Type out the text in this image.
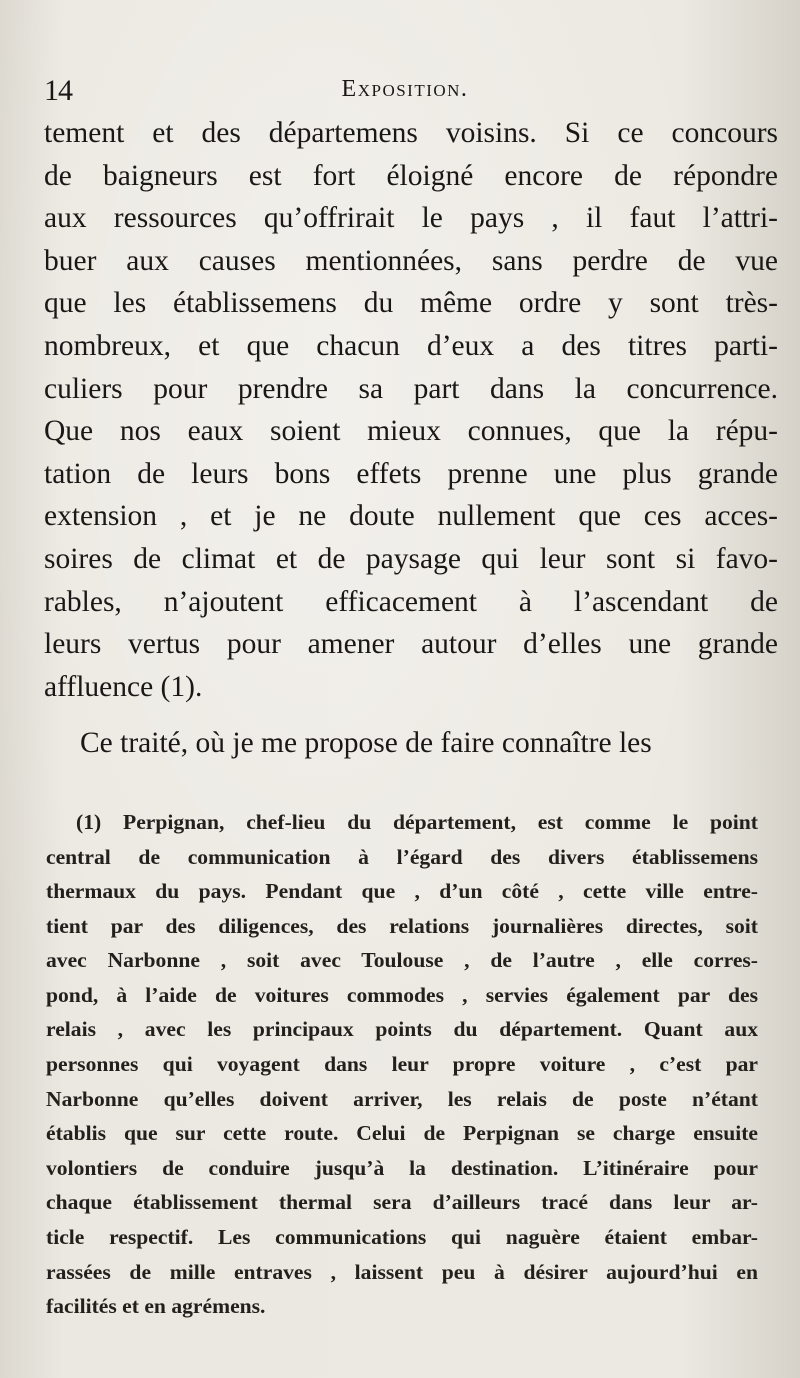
14	Exposition.
tement et des départemens voisins. Si ce concours
de baigneurs est fort éloigné encore de répondre
aux ressources qu’offrirait le pays , il faut l’attri-
buer aux causes mentionnées, sans perdre de vue
que les établissemens du même ordre y sont très-
nombreux, et que chacun d’eux a des titres parti-
culiers pour prendre sa part dans la concurrence.
Que nos eaux soient mieux connues, que la répu-
tation de leurs bons effets prenne une plus grande
extension , et je ne doute nullement que ces acces-
soires de climat et de paysage qui leur sont si favo-
rables, n’ajoutent efficacement à l’ascendant de
leurs vertus pour amener autour d’elles une grande
affluence (1).
Ce traité, où je me propose de faire connaître les
(1) Perpignan, chef-lieu du département, est comme le point
central de communication à l’égard des divers établissemens
thermaux du pays. Pendant que , d’un côté , cette ville entre-
tient par des diligences, des relations journalières directes, soit
avec Narbonne , soit avec Toulouse , de l’autre , elle corres-
pond, à l’aide de voitures commodes , servies également par des
relais , avec les principaux points du département. Quant aux
personnes qui voyagent dans leur propre voiture , c’est par
Narbonne qu’elles doivent arriver, les relais de poste n’étant
établis que sur cette route. Celui de Perpignan se charge ensuite
volontiers de conduire jusqu’à la destination. L’itinéraire pour
chaque établissement thermal sera d’ailleurs tracé dans leur ar-
ticle respectif. Les communications qui naguère étaient embar-
rassées de mille entraves , laissent peu à désirer aujourd’hui en
facilités et en agrémens.
